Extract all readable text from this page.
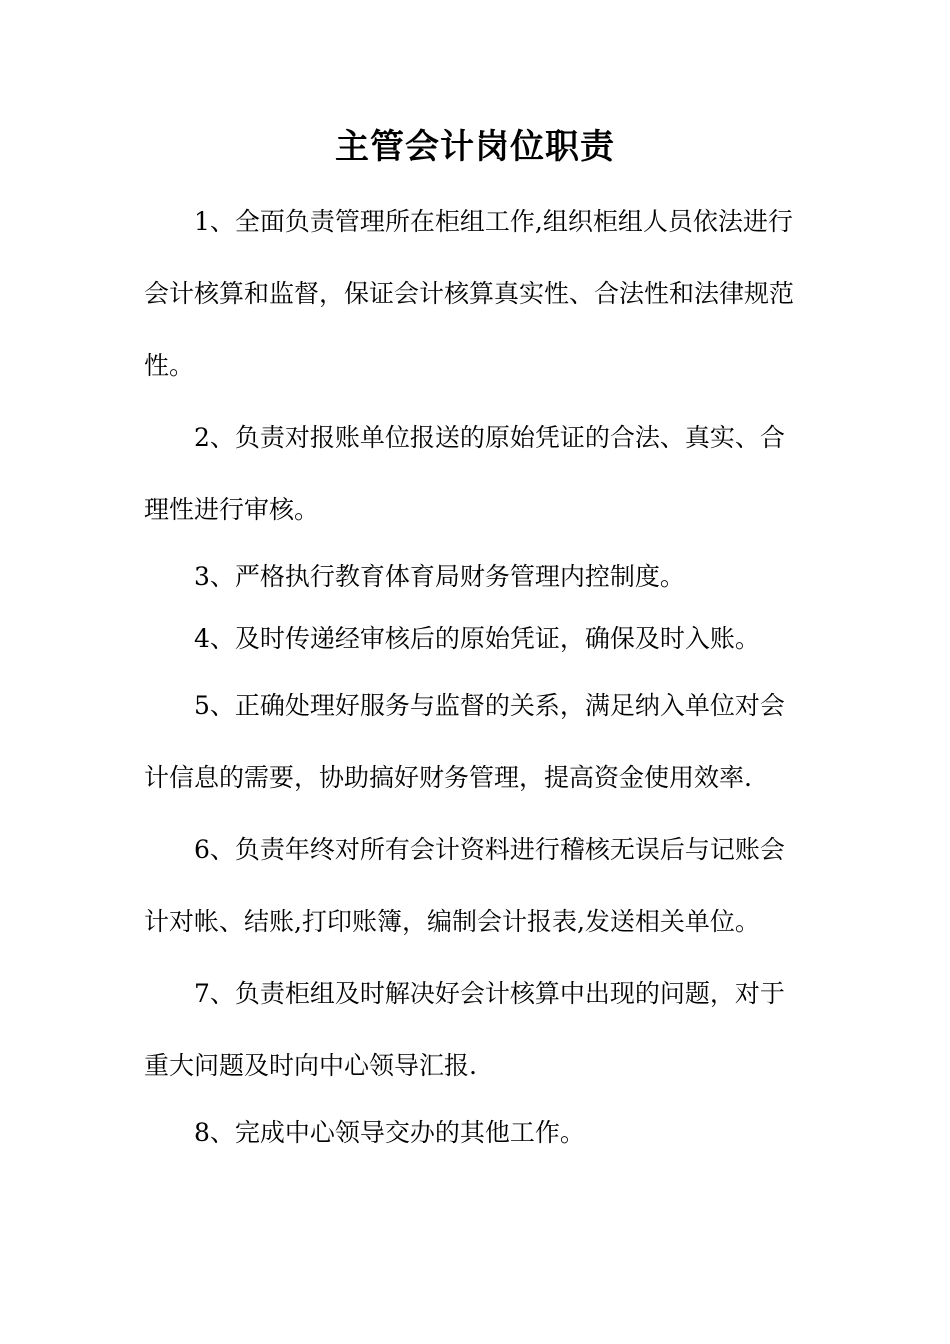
主管会计岗位职责

1、全面负责管理所在柜组工作,组织柜组人员依法进行会计核算和监督，保证会计核算真实性、合法性和法律规范性。

2、负责对报账单位报送的原始凭证的合法、真实、合理性进行审核。

3、严格执行教育体育局财务管理内控制度。

4、及时传递经审核后的原始凭证，确保及时入账。

5、正确处理好服务与监督的关系，满足纳入单位对会计信息的需要，协助搞好财务管理，提高资金使用效率.

6、负责年终对所有会计资料进行稽核无误后与记账会计对帐、结账,打印账簿，编制会计报表,发送相关单位。

7、负责柜组及时解决好会计核算中出现的问题，对于重大问题及时向中心领导汇报.

8、完成中心领导交办的其他工作。
